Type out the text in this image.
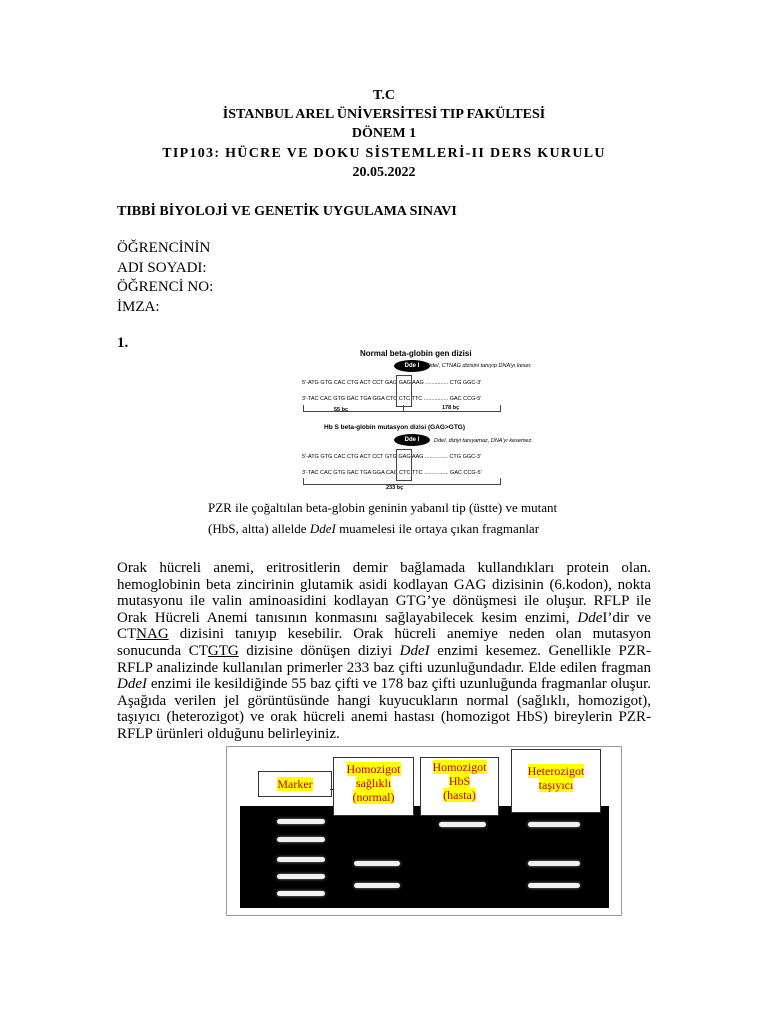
T.C
İSTANBUL AREL ÜNİVERSİTESİ TIP FAKÜLTESİ
DÖNEM 1
TIP103: HÜCRE VE DOKU SİSTEMLERİ-II DERS KURULU
20.05.2022
TIBBİ BİYOLOJİ VE GENETİK UYGULAMA SINAVI
ÖĞRENCİNİN
ADI SOYADI:
ÖĞRENCİ NO:
İMZA:
1.
Normal beta-globin gen dizisi
Dde I	DdeI, CTNAG dizisini tanıyıp DNA'yı keser.
5'-ATG GTG CAC CTG ACT CCT GAG GAG AAG ............... CTG GGC-3'
3'-TAC CAC GTG GAC TGA GGA CTC CTC TTC ................ GAC CCG-5'
55 bç	178 bç
Hb S beta-globin mutasyon dizisi (GAG>GTG)
Dde I	DdeI, diziyi tanıyamaz, DNA'yı kesemez.
5'-ATG GTG CAC CTG ACT CCT GTG GAG AAG ............... CTG GGC-3'
3'-TAC CAC GTG GAC TGA GGA CAC CTC TTC ................ GAC CCG-5'
233 bç
PZR ile çoğaltılan beta-globin geninin yabanıl tip (üstte) ve mutant
(HbS, altta) allelde DdeI muamelesi ile ortaya çıkan fragmanlar

Orak hücreli anemi, eritrositlerin demir bağlamada kullandıkları protein olan. hemoglobinin beta zincirinin glutamik asidi kodlayan GAG dizisinin (6.kodon), nokta mutasyonu ile valin aminoasidini kodlayan GTG’ye dönüşmesi ile oluşur. RFLP ile Orak Hücreli Anemi tanısının konmasını sağlayabilecek kesim enzimi, DdeI’dir ve CTNAG dizisini tanıyıp kesebilir. Orak hücreli anemiye neden olan mutasyon sonucunda CTGTG dizisine dönüşen diziyi DdeI enzimi kesemez. Genellikle PZR-RFLP analizinde kullanılan primerler 233 baz çifti uzunluğundadır. Elde edilen fragman DdeI enzimi ile kesildiğinde 55 baz çifti ve 178 baz çifti uzunluğunda fragmanlar oluşur. Aşağıda verilen jel görüntüsünde hangi kuyucukların normal (sağlıklı, homozigot), taşıyıcı (heterozigot) ve orak hücreli anemi hastası (homozigot HbS) bireylerin PZR-RFLP ürünleri olduğunu belirleyiniz.

Marker
Homozigot
sağlıklı
(normal)
Homozigot
HbS
(hasta)
Heterozigot
taşıyıcı
